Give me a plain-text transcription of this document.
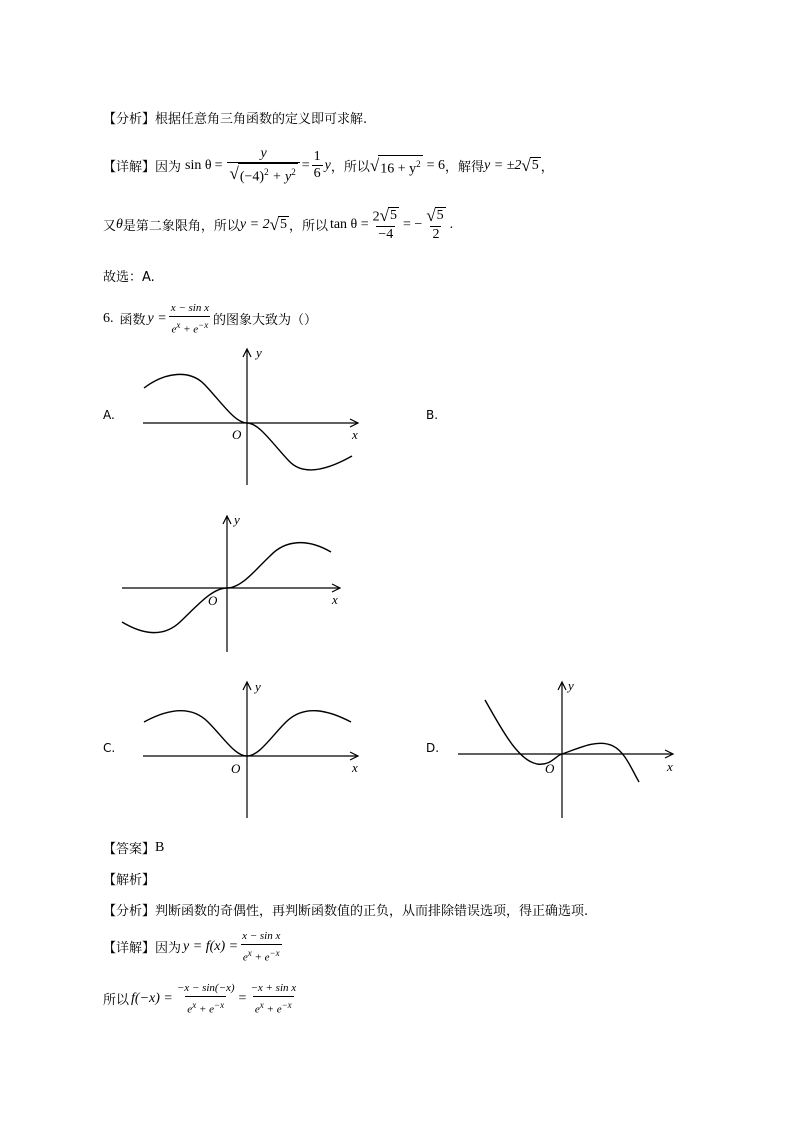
【分析】 根据任意角三角函数的定义即可求解.
【详解】 因为 $\sin \theta = \frac{y}{√ (-4)^2 + y^2} = \frac{1}{6}$ y ，所以 √ $16 + y^2 = 6$ ，解得 y = ±2 √ 5 ，
又 θ 是第二象限角，所以 y = 2 √ 5 ，所以 $\tan \theta = \frac{2 √ 5}{-4}$ = − $\frac{√ 5}{2}$ .
故选：A.
6. 函数 $y = \frac{\text{x − sin x}}{e^x + e^{-x}}$ 的图象大致为（）
A.	B.
C.	D.
y
x
O
y
x
O
y
x
O
y
x
O
【答案】 B
【解析】
【分析】 判断函数的奇偶性，再判断函数值的正负，从而排除错误选项，得正确选项.
【详解】 因为 $y = f(x) = \frac{\text{x − sin x}}{e^x + e^{-x}}$
所以 $f(-x) = \frac{-x - \sin(-x)}{e^x + e^{-x}} = \frac{\text{−x + sin x}}{e^x + e^{-x}}$
